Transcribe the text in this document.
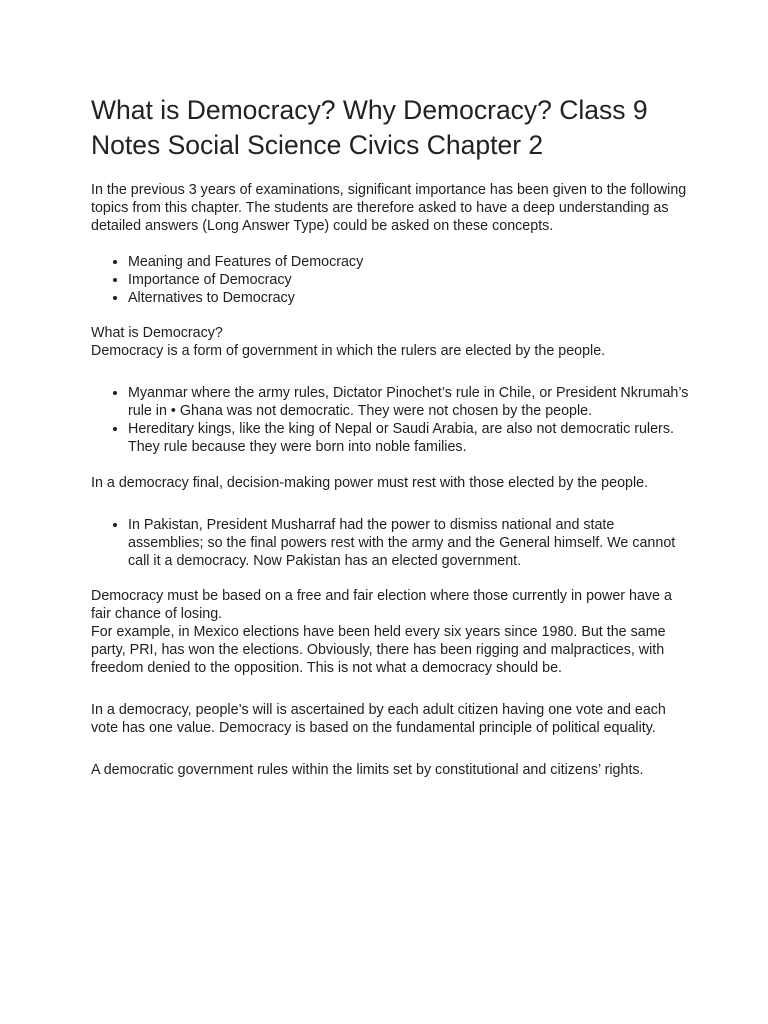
What is Democracy? Why Democracy? Class 9 Notes Social Science Civics Chapter 2

In the previous 3 years of examinations, significant importance has been given to the following topics from this chapter. The students are therefore asked to have a deep understanding as detailed answers (Long Answer Type) could be asked on these concepts.

• Meaning and Features of Democracy
• Importance of Democracy
• Alternatives to Democracy

What is Democracy?

Democracy is a form of government in which the rulers are elected by the people.

• Myanmar where the army rules, Dictator Pinochet’s rule in Chile, or President Nkrumah’s rule in • Ghana was not democratic. They were not chosen by the people.
• Hereditary kings, like the king of Nepal or Saudi Arabia, are also not democratic rulers. They rule because they were born into noble families.

In a democracy final, decision-making power must rest with those elected by the people.

• In Pakistan, President Musharraf had the power to dismiss national and state assemblies; so the final powers rest with the army and the General himself. We cannot call it a democracy. Now Pakistan has an elected government.

Democracy must be based on a free and fair election where those currently in power have a fair chance of losing.

For example, in Mexico elections have been held every six years since 1980. But the same party, PRI, has won the elections. Obviously, there has been rigging and malpractices, with freedom denied to the opposition. This is not what a democracy should be.

In a democracy, people’s will is ascertained by each adult citizen having one vote and each vote has one value. Democracy is based on the fundamental principle of political equality.

A democratic government rules within the limits set by constitutional and citizens’ rights.
